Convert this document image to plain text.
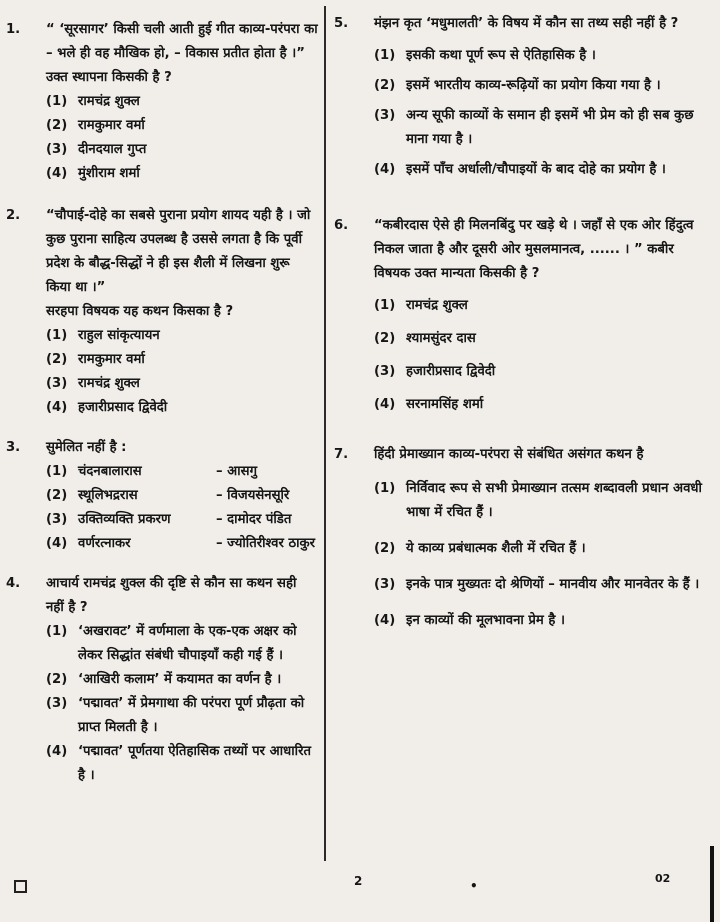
1.	“ ‘सूरसागर’ किसी चली आती हुई गीत काव्य-परंपरा का – भले ही वह मौखिक हो, – विकास प्रतीत होता है ।”

उक्त स्थापना किसकी है ?

(1) रामचंद्र शुक्ल
(2) रामकुमार वर्मा
(3) दीनदयाल गुप्त
(4) मुंशीराम शर्मा
2.	“चौपाई-दोहे का सबसे पुराना प्रयोग शायद यही है । जो कुछ पुराना साहित्य उपलब्ध है उससे लगता है कि पूर्वी प्रदेश के बौद्ध-सिद्धों ने ही इस शैली में लिखना शुरू किया था ।”

सरहपा विषयक यह कथन किसका है ?

(1) राहुल सांकृत्यायन
(2) रामकुमार वर्मा
(3) रामचंद्र शुक्ल
(4) हजारीप्रसाद द्विवेदी
3.	सुमेलित नहीं है :

(1) चंदनबालारास	– आसगु
(2) स्थूलिभद्ररास	– विजयसेनसूरि
(3) उक्तिव्यक्ति प्रकरण	– दामोदर पंडित
(4) वर्णरत्नाकर	– ज्योतिरीश्वर ठाकुर
4.	आचार्य रामचंद्र शुक्ल की दृष्टि से कौन सा कथन सही नहीं है ?

(1) ‘अखरावट’ में वर्णमाला के एक-एक अक्षर को लेकर सिद्धांत संबंधी चौपाइयाँ कही गई हैं ।
(2) ‘आखिरी कलाम’ में कयामत का वर्णन है ।
(3) ‘पद्मावत’ में प्रेमगाथा की परंपरा पूर्ण प्रौढ़ता को प्राप्त मिलती है ।
(4) ‘पद्मावत’ पूर्णतया ऐतिहासिक तथ्यों पर आधारित है ।
5.	मंझन कृत ‘मधुमालती’ के विषय में कौन सा तथ्य सही नहीं है ?

(1) इसकी कथा पूर्ण रूप से ऐतिहासिक है ।
(2) इसमें भारतीय काव्य-रूढ़ियों का प्रयोग किया गया है ।
(3) अन्य सूफी काव्यों के समान ही इसमें भी प्रेम को ही सब कुछ माना गया है ।
(4) इसमें पाँच अर्धाली/चौपाइयों के बाद दोहे का प्रयोग है ।
6.	“कबीरदास ऐसे ही मिलनबिंदु पर खड़े थे । जहाँ से एक ओर हिंदुत्व निकल जाता है और दूसरी ओर मुसलमानत्व, ...... । ” कबीर विषयक उक्त मान्यता किसकी है ?

(1) रामचंद्र शुक्ल
(2) श्यामसुंदर दास
(3) हजारीप्रसाद द्विवेदी
(4) सरनामसिंह शर्मा
7.	हिंदी प्रेमाख्यान काव्य-परंपरा से संबंधित असंगत कथन है

(1) निर्विवाद रूप से सभी प्रेमाख्यान तत्सम शब्दावली प्रधान अवधी भाषा में रचित हैं ।
(2) ये काव्य प्रबंधात्मक शैली में रचित हैं ।
(3) इनके पात्र मुख्यतः दो श्रेणियों – मानवीय और मानवेतर के हैं ।
(4) इन काव्यों की मूलभावना प्रेम है ।
2	•
02
